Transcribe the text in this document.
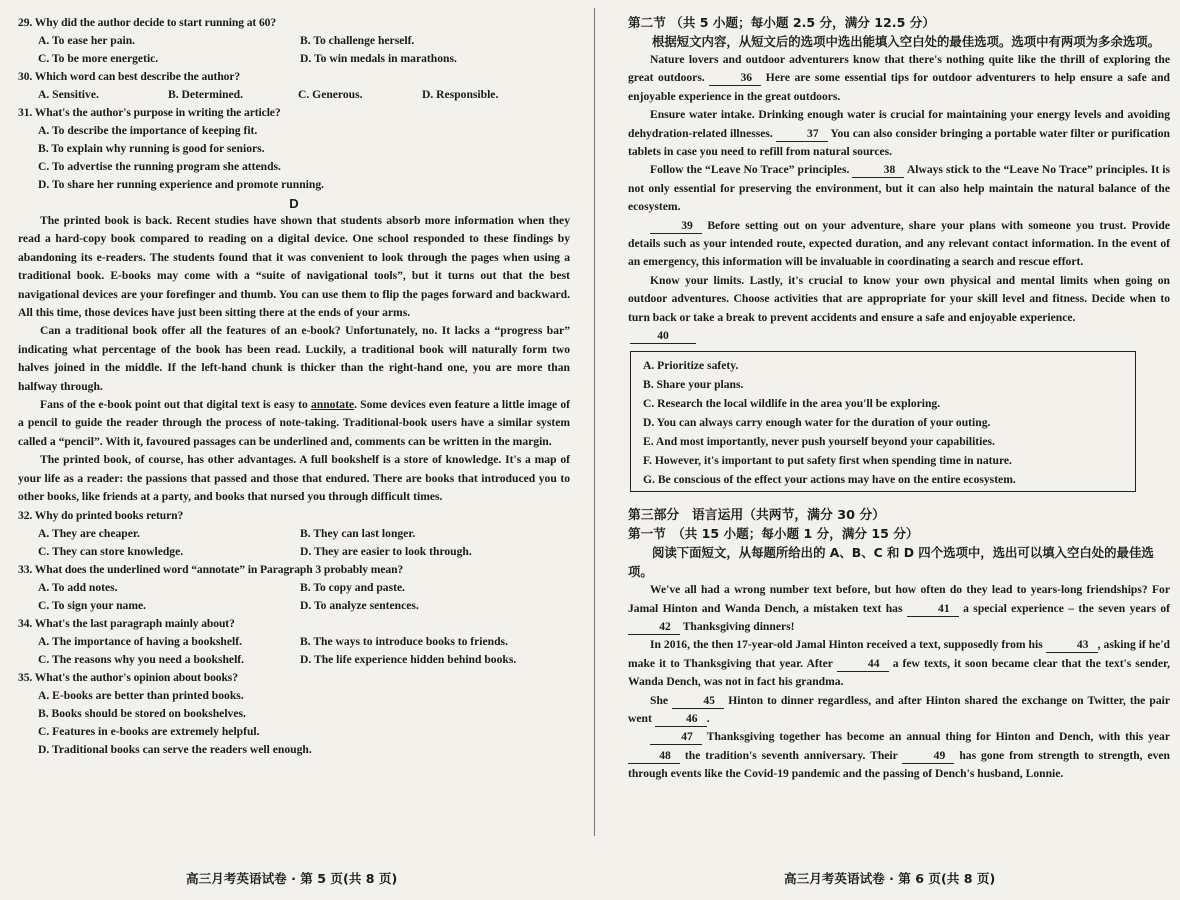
29. Why did the author decide to start running at 60?

A. To ease her pain.	B. To challenge herself.
C. To be more energetic.	D. To win medals in marathons.

30. Which word can best describe the author?

A. Sensitive.	B. Determined.	C. Generous.	D. Responsible.

31. What's the author's purpose in writing the article?

A. To describe the importance of keeping fit.
B. To explain why running is good for seniors.
C. To advertise the running program she attends.
D. To share her running experience and promote running.
D

The printed book is back. Recent studies have shown that students absorb more information when they read a hard-copy book compared to reading on a digital device. One school responded to these findings by abandoning its e-readers. The students found that it was convenient to look through the pages when using a traditional book. E-books may come with a “suite of navigational tools”, but it turns out that the best navigational devices are your forefinger and thumb. You can use them to flip the pages forward and backward. All this time, those devices have just been sitting there at the ends of your arms.

Can a traditional book offer all the features of an e-book? Unfortunately, no. It lacks a “progress bar” indicating what percentage of the book has been read. Luckily, a traditional book will naturally form two halves joined in the middle. If the left-hand chunk is thicker than the right-hand one, you are more than halfway through.

Fans of the e-book point out that digital text is easy to annotate. Some devices even feature a little image of a pencil to guide the reader through the process of note-taking. Traditional-book users have a similar system called a “pencil”. With it, favoured passages can be underlined and, comments can be written in the margin.

The printed book, of course, has other advantages. A full bookshelf is a store of knowledge. It's a map of your life as a reader: the passions that passed and those that endured. There are books that introduced you to other books, like friends at a party, and books that nursed you through difficult times.

32. Why do printed books return?

A. They are cheaper.	B. They can last longer.
C. They can store knowledge.	D. They are easier to look through.

33. What does the underlined word “annotate” in Paragraph 3 probably mean?

A. To add notes.	B. To copy and paste.
C. To sign your name.	D. To analyze sentences.

34. What's the last paragraph mainly about?

A. The importance of having a bookshelf.	B. The ways to introduce books to friends.
C. The reasons why you need a bookshelf.	D. The life experience hidden behind books.

35. What's the author's opinion about books?

A. E-books are better than printed books.
B. Books should be stored on bookshelves.
C. Features in e-books are extremely helpful.
D. Traditional books can serve the readers well enough.

第二节 （共 5 小题；每小题 2.5 分，满分 12.5 分）

根据短文内容，从短文后的选项中选出能填入空白处的最佳选项。选项中有两项为多余选项。

Nature lovers and outdoor adventurers know that there's nothing quite like the thrill of exploring the great outdoors.	36 Here are some essential tips for outdoor adventurers to help ensure a safe and enjoyable experience in the great outdoors.

Ensure water intake. Drinking enough water is crucial for maintaining your energy levels and avoiding dehydration-related illnesses.	37 You can also consider bringing a portable water filter or purification tablets in case you need to refill from natural sources.

Follow the “Leave No Trace” principles.	38 Always stick to the “Leave No Trace” principles. It is not only essential for preserving the environment, but it can also help maintain the natural balance of the ecosystem.

39 Before setting out on your adventure, share your plans with someone you trust. Provide details such as your intended route, expected duration, and any relevant contact information. In the event of an emergency, this information will be invaluable in coordinating a search and rescue effort.

Know your limits. Lastly, it's crucial to know your own physical and mental limits when going on outdoor adventures. Choose activities that are appropriate for your skill level and fitness. Decide when to turn back or take a break to prevent accidents and ensure a safe and enjoyable experience.

40
A. Prioritize safety.
B. Share your plans.
C. Research the local wildlife in the area you'll be exploring.
D. You can always carry enough water for the duration of your outing.
E. And most importantly, never push yourself beyond your capabilities.
F. However, it's important to put safety first when spending time in nature.
G. Be conscious of the effect your actions may have on the entire ecosystem.

第三部分　语言运用（共两节，满分 30 分）

第一节　（共 15 小题；每小题 1 分，满分 15 分）

阅读下面短文，从每题所给出的 A、B、C 和 D 四个选项中，选出可以填入空白处的最佳选项。

We've all had a wrong number text before, but how often do they lead to years-long friendships? For Jamal Hinton and Wanda Dench, a mistaken text has	41 a special experience – the seven years of 42 Thanksgiving dinners!

In 2016, the then 17-year-old Jamal Hinton received a text, supposedly from his	43 , asking if he'd make it to Thanksgiving that year. After	44 a few texts, it soon became clear that the text's sender, Wanda Dench, was not in fact his grandma.

She	45 Hinton to dinner regardless, and after Hinton shared the exchange on Twitter, the pair went	46 .

47 Thanksgiving together has become an annual thing for Hinton and Dench, with this year 48 the tradition's seventh anniversary. Their	49 has gone from strength to strength, even through events like the Covid-19 pandemic and the passing of Dench's husband, Lonnie.

高三月考英语试卷 · 第 5 页(共 8 页)	高三月考英语试卷 · 第 6 页(共 8 页)
